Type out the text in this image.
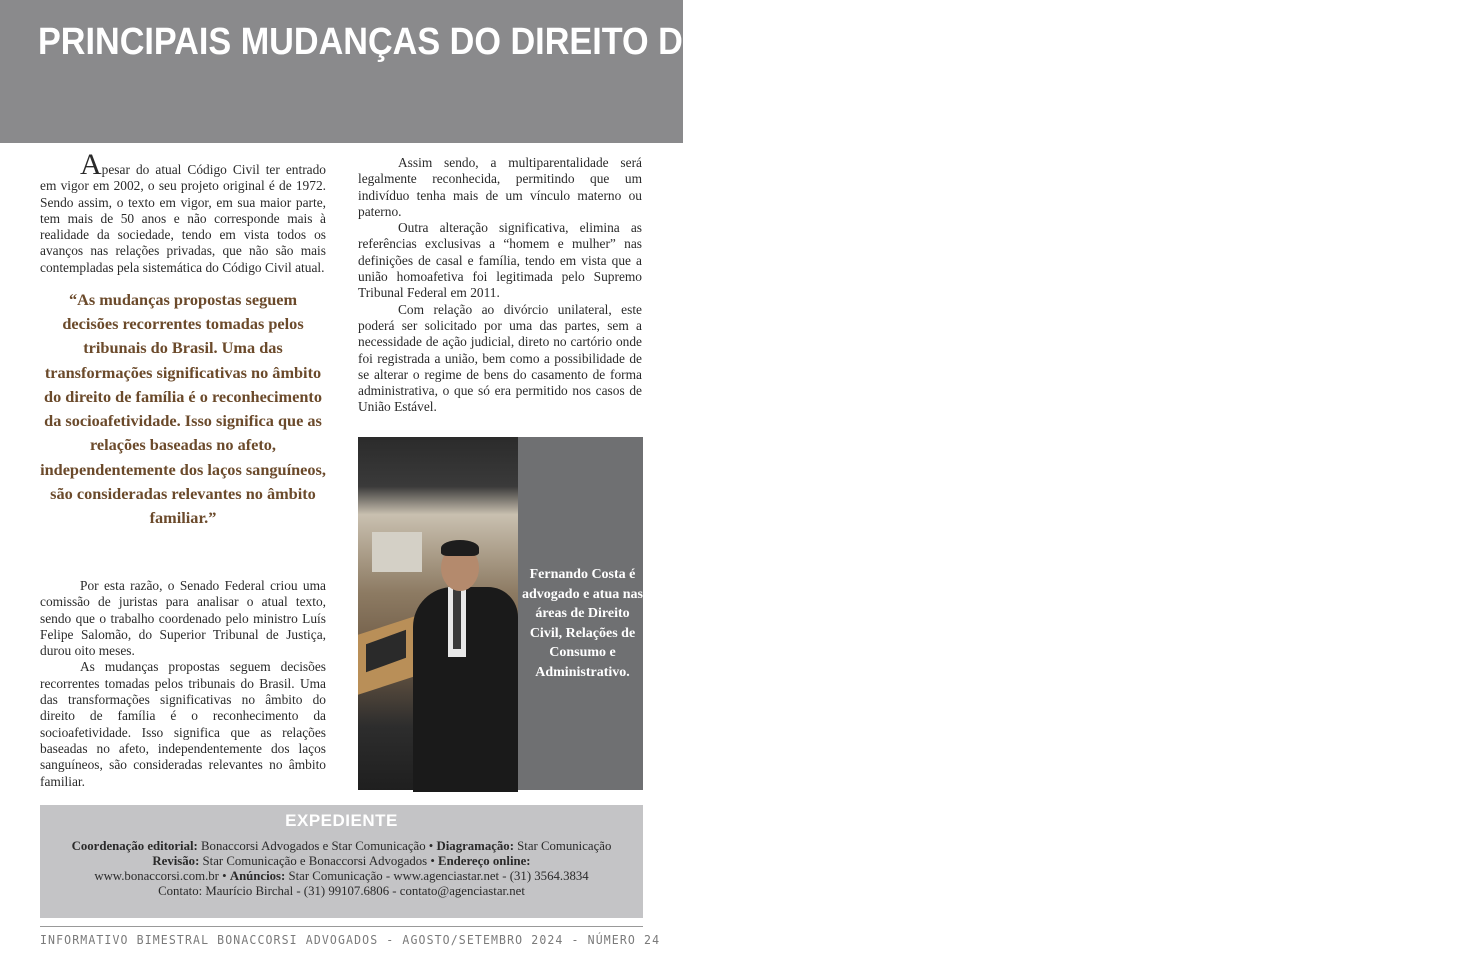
PRINCIPAIS MUDANÇAS DO DIREITO DE FAMÍLIA COM A REFORMA DO CÓDIGO CIVIL

Apesar do atual Código Civil ter entrado em vigor em 2002, o seu projeto original é de 1972. Sendo assim, o texto em vigor, em sua maior parte, tem mais de 50 anos e não corresponde mais à realidade da sociedade, tendo em vista todos os avanços nas relações privadas, que não são mais contempladas pela sistemática do Código Civil atual.

“As mudanças propostas seguem decisões recorrentes tomadas pelos tribunais do Brasil. Uma das transformações significativas no âmbito do direito de família é o reconhecimento da socioafetividade. Isso significa que as relações baseadas no afeto, independentemente dos laços sanguíneos, são consideradas relevantes no âmbito familiar.”

Por esta razão, o Senado Federal criou uma comissão de juristas para analisar o atual texto, sendo que o trabalho coordenado pelo ministro Luís Felipe Salomão, do Superior Tribunal de Justiça, durou oito meses.

As mudanças propostas seguem decisões recorrentes tomadas pelos tribunais do Brasil. Uma das transformações significativas no âmbito do direito de família é o reconhecimento da socioafetividade. Isso significa que as relações baseadas no afeto, independentemente dos laços sanguíneos, são consideradas relevantes no âmbito familiar.

Assim sendo, a multiparentalidade será legalmente reconhecida, permitindo que um indivíduo tenha mais de um vínculo materno ou paterno.

Outra alteração significativa, elimina as referências exclusivas a “homem e mulher” nas definições de casal e família, tendo em vista que a união homoafetiva foi legitimada pelo Supremo Tribunal Federal em 2011.

Com relação ao divórcio unilateral, este poderá ser solicitado por uma das partes, sem a necessidade de ação judicial, direto no cartório onde foi registrada a união, bem como a possibilidade de se alterar o regime de bens do casamento de forma administrativa, o que só era permitido nos casos de União Estável.

Fernando Costa é advogado e atua nas áreas de Direito Civil, Relações de Consumo e Administrativo.
EXPEDIENTE
Coordenação editorial: Bonaccorsi Advogados e Star Comunicação • Diagramação: Star Comunicação
Revisão: Star Comunicação e Bonaccorsi Advogados • Endereço online:
www.bonaccorsi.com.br • Anúncios: Star Comunicação - www.agenciastar.net - (31) 3564.3834
Contato: Maurício Birchal - (31) 99107.6806 - contato@agenciastar.net
INFORMATIVO BIMESTRAL BONACCORSI ADVOGADOS - AGOSTO/SETEMBRO 2024 - NÚMERO 24
